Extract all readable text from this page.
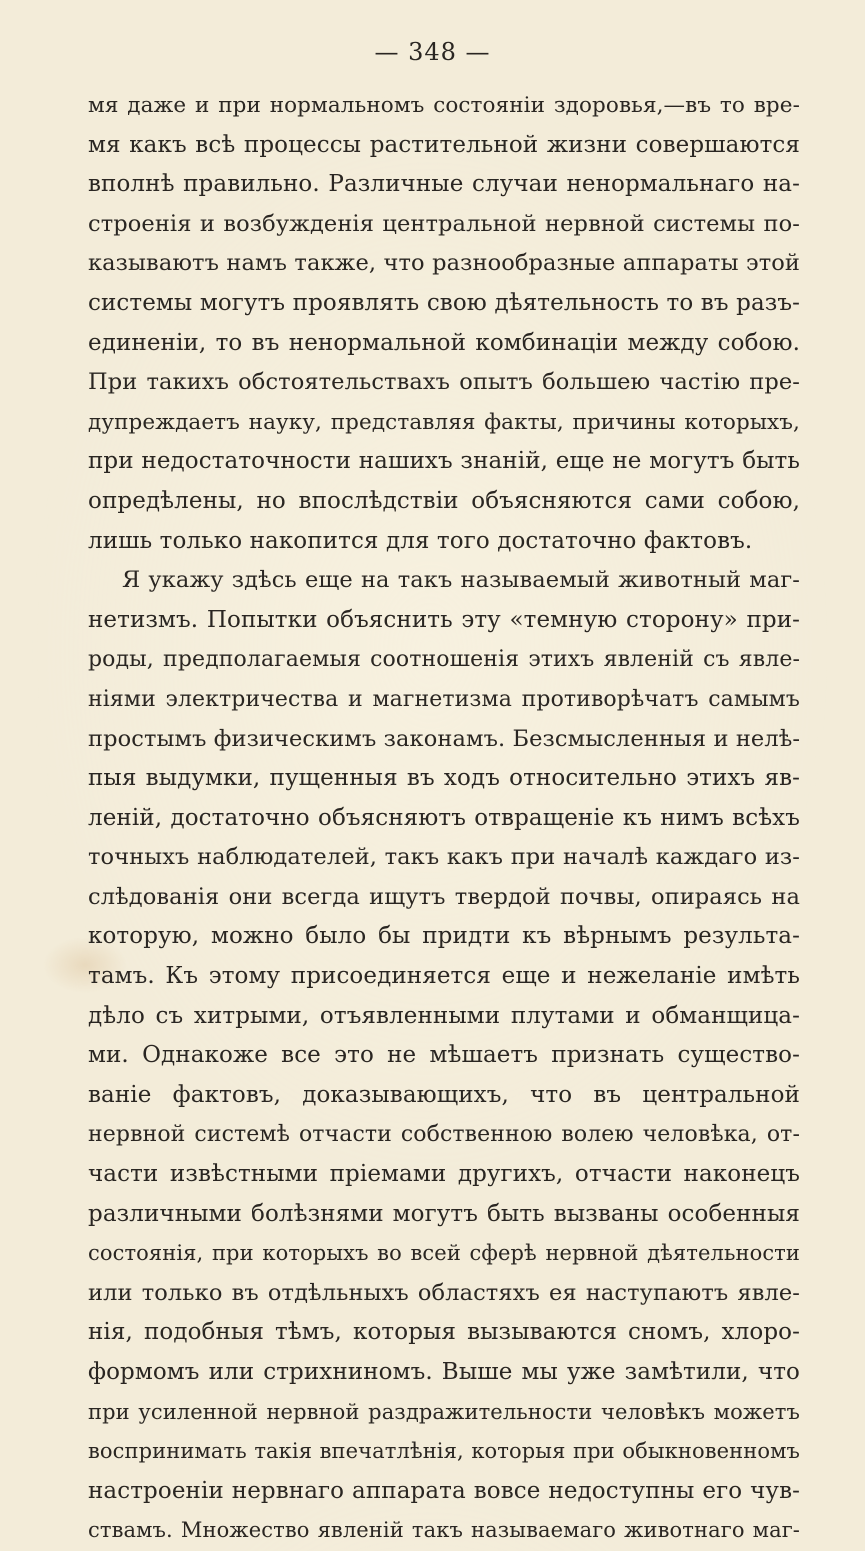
— 348 —
мя даже и при нормальномъ состояніи здоровья,—въ то вре-
мя какъ всѣ процессы растительной жизни совершаются
вполнѣ правильно. Различные случаи ненормальнаго на-
строенія и возбужденія центральной нервной системы по-
казываютъ намъ также, что разнообразные аппараты этой
системы могутъ проявлять свою дѣятельность то въ разъ-
единеніи, то въ ненормальной комбинаціи между собою.
При такихъ обстоятельствахъ опытъ большею частію пре-
дупреждаетъ науку, представляя факты, причины которыхъ,
при недостаточности нашихъ знаній, еще не могутъ быть
опредѣлены, но впослѣдствіи объясняются сами собою,
лишь только накопится для того достаточно фактовъ.
Я укажу здѣсь еще на такъ называемый животный маг-
нетизмъ. Попытки объяснить эту «темную сторону» при-
роды, предполагаемыя соотношенія этихъ явленій съ явле-
ніями электричества и магнетизма противорѣчатъ самымъ
простымъ физическимъ законамъ. Безсмысленныя и нелѣ-
пыя выдумки, пущенныя въ ходъ относительно этихъ яв-
леній, достаточно объясняютъ отвращеніе къ нимъ всѣхъ
точныхъ наблюдателей, такъ какъ при началѣ каждаго из-
слѣдованія они всегда ищутъ твердой почвы, опираясь на
которую, можно было бы придти къ вѣрнымъ результа-
тамъ. Къ этому присоединяется еще и нежеланіе имѣть
дѣло съ хитрыми, отъявленными плутами и обманщица-
ми. Однакоже все это не мѣшаетъ признать существо-
ваніе фактовъ, доказывающихъ, что въ центральной
нервной системѣ отчасти собственною волею человѣка, от-
части извѣстными пріемами другихъ, отчасти наконецъ
различными болѣзнями могутъ быть вызваны особенныя
состоянія, при которыхъ во всей сферѣ нервной дѣятельности
или только въ отдѣльныхъ областяхъ ея наступаютъ явле-
нія, подобныя тѣмъ, которыя вызываются сномъ, хлоро-
формомъ или стрихниномъ. Выше мы уже замѣтили, что
при усиленной нервной раздражительности человѣкъ можетъ
воспринимать такія впечатлѣнія, которыя при обыкновенномъ
настроеніи нервнаго аппарата вовсе недоступны его чув-
ствамъ. Множество явленій такъ называемаго животнаго маг-
